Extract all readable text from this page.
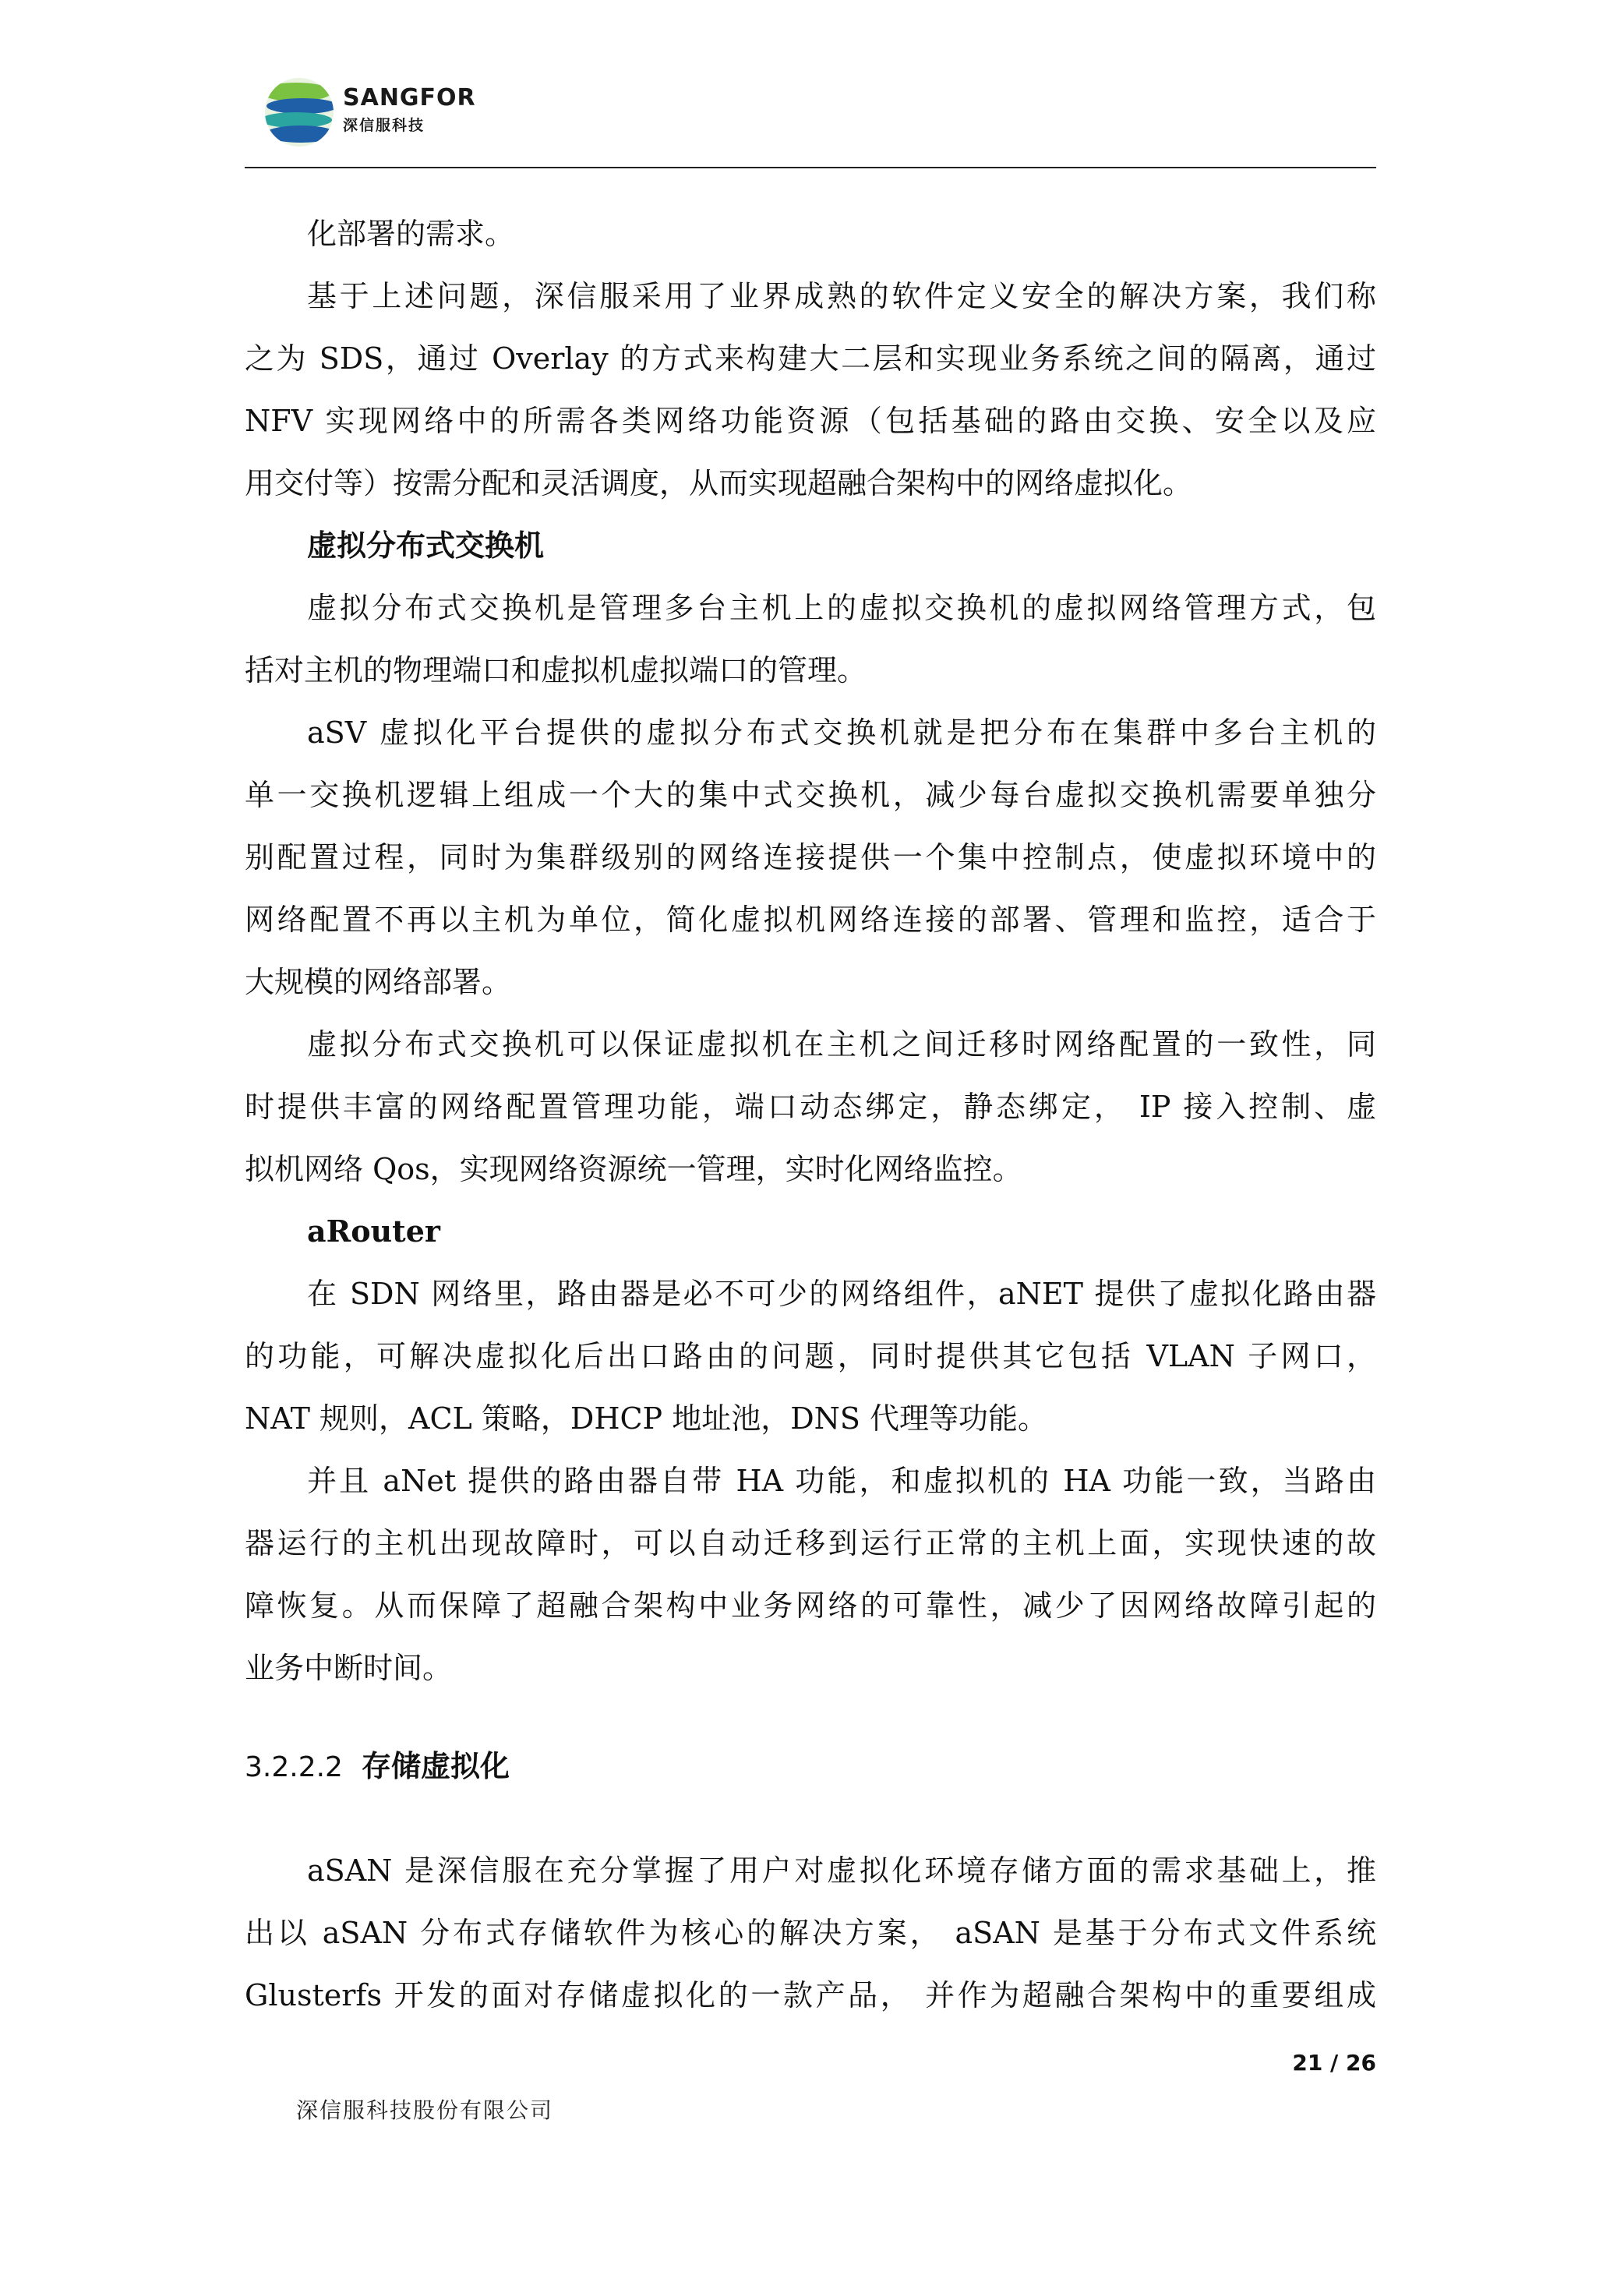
SANGFOR
深信服科技
化部署的需求。
基于上述问题，深信服采用了业界成熟的软件定义安全的解决方案，我们称
之为 SDS，通过 Overlay 的方式来构建大二层和实现业务系统之间的隔离，通过
NFV 实现网络中的所需各类网络功能资源（包括基础的路由交换、安全以及应
用交付等）按需分配和灵活调度，从而实现超融合架构中的网络虚拟化。
虚拟分布式交换机
虚拟分布式交换机是管理多台主机上的虚拟交换机的虚拟网络管理方式，包
括对主机的物理端口和虚拟机虚拟端口的管理。
aSV 虚拟化平台提供的虚拟分布式交换机就是把分布在集群中多台主机的
单一交换机逻辑上组成一个大的集中式交换机，减少每台虚拟交换机需要单独分
别配置过程，同时为集群级别的网络连接提供一个集中控制点，使虚拟环境中的
网络配置不再以主机为单位，简化虚拟机网络连接的部署、管理和监控，适合于
大规模的网络部署。
虚拟分布式交换机可以保证虚拟机在主机之间迁移时网络配置的一致性，同
时提供丰富的网络配置管理功能，端口动态绑定，静态绑定， IP 接入控制、虚
拟机网络 Qos，实现网络资源统一管理，实时化网络监控。
aRouter
在 SDN 网络里，路由器是必不可少的网络组件，aNET 提供了虚拟化路由器
的功能，可解决虚拟化后出口路由的问题，同时提供其它包括 VLAN 子网口，
NAT 规则，ACL 策略，DHCP 地址池，DNS 代理等功能。
并且 aNet 提供的路由器自带 HA 功能，和虚拟机的 HA 功能一致，当路由
器运行的主机出现故障时，可以自动迁移到运行正常的主机上面，实现快速的故
障恢复。从而保障了超融合架构中业务网络的可靠性，减少了因网络故障引起的
业务中断时间。
3.2.2.2 存储虚拟化
aSAN 是深信服在充分掌握了用户对虚拟化环境存储方面的需求基础上，推
出以 aSAN 分布式存储软件为核心的解决方案， aSAN 是基于分布式文件系统
Glusterfs 开发的面对存储虚拟化的一款产品， 并作为超融合架构中的重要组成
21 / 26
深信服科技股份有限公司
